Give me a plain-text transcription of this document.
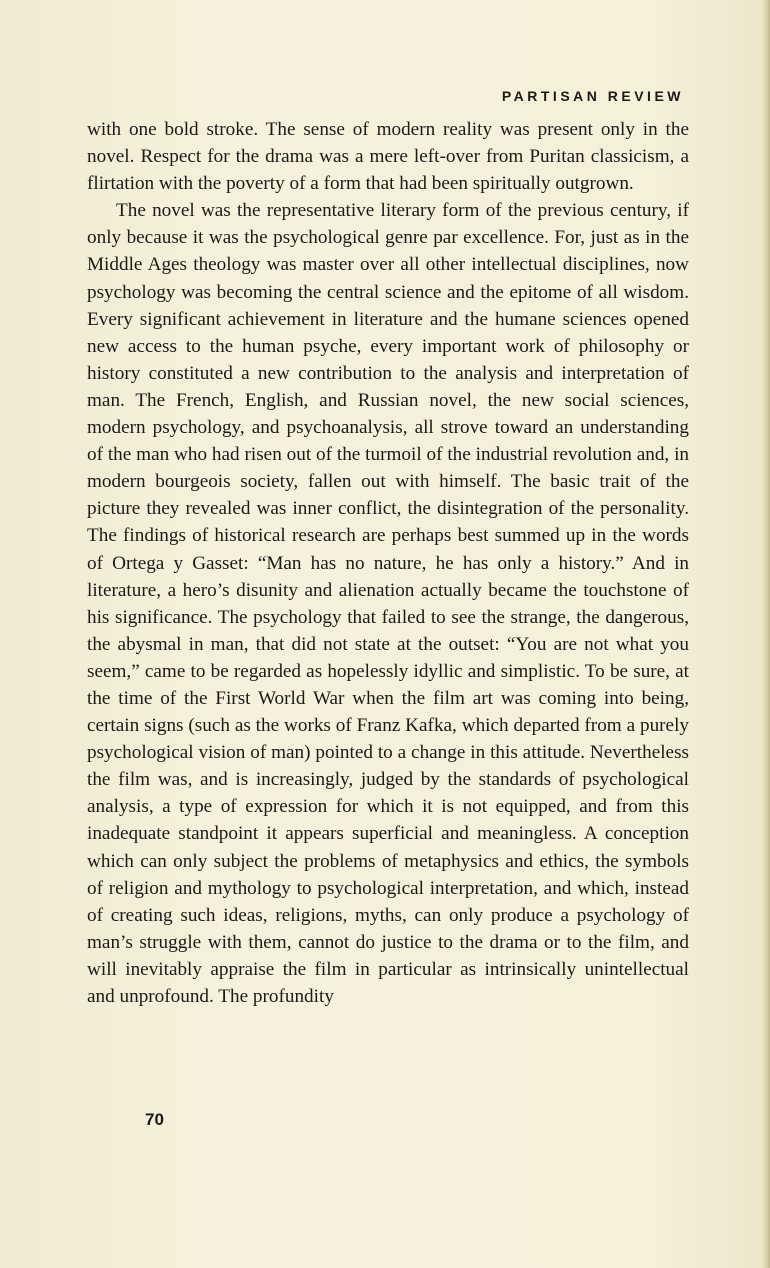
PARTISAN REVIEW

with one bold stroke. The sense of modern reality was present only in the novel. Respect for the drama was a mere left-over from Puritan classicism, a flirtation with the poverty of a form that had been spiritually outgrown.

The novel was the representative literary form of the previous century, if only because it was the psychological genre par excellence. For, just as in the Middle Ages theology was master over all other intellectual disciplines, now psychology was becoming the central science and the epitome of all wisdom. Every significant achievement in literature and the humane sciences opened new access to the human psyche, every important work of philosophy or history constituted a new contribution to the analysis and interpretation of man. The French, English, and Russian novel, the new social sciences, modern psychology, and psychoanalysis, all strove toward an understanding of the man who had risen out of the turmoil of the industrial revolution and, in modern bourgeois society, fallen out with himself. The basic trait of the picture they revealed was inner conflict, the disintegration of the personality. The findings of historical research are perhaps best summed up in the words of Ortega y Gasset: “Man has no nature, he has only a history.” And in literature, a hero’s disunity and alienation actually became the touchstone of his significance. The psychology that failed to see the strange, the dangerous, the abysmal in man, that did not state at the outset: “You are not what you seem,” came to be regarded as hopelessly idyllic and simplistic. To be sure, at the time of the First World War when the film art was coming into being, certain signs (such as the works of Franz Kafka, which departed from a purely psychological vision of man) pointed to a change in this attitude. Nevertheless the film was, and is increasingly, judged by the standards of psychological analysis, a type of expression for which it is not equipped, and from this inadequate standpoint it appears superficial and meaningless. A conception which can only subject the problems of metaphysics and ethics, the symbols of religion and mythology to psychological interpretation, and which, instead of creating such ideas, religions, myths, can only produce a psychology of man’s struggle with them, cannot do justice to the drama or to the film, and will inevitably appraise the film in particular as intrinsically unintellectual and unprofound. The profundity

70
